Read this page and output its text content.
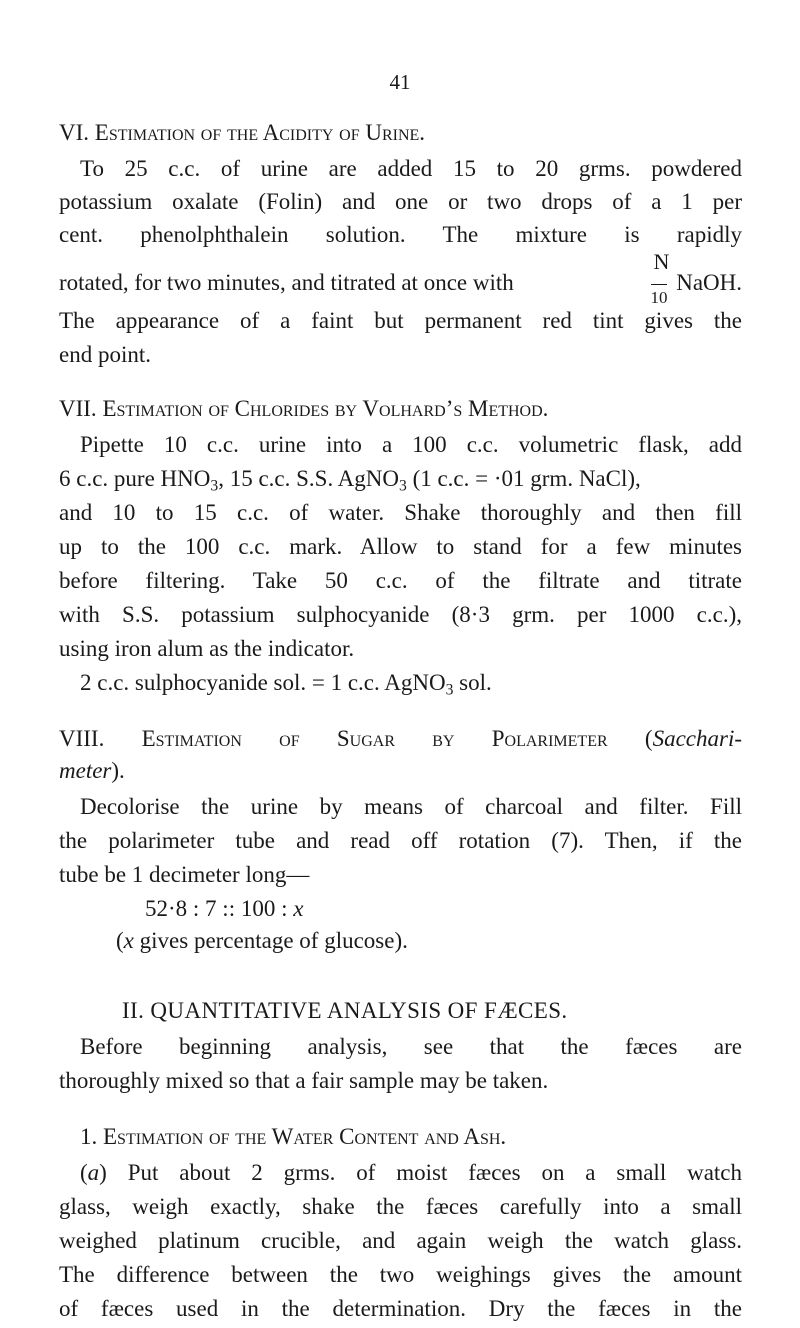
41
VI. Estimation of the Acidity of Urine.
To 25 c.c. of urine are added 15 to 20 grms. powdered
potassium oxalate (Folin) and one or two drops of a 1 per
cent. phenolphthalein solution. The mixture is rapidly
rotated, for two minutes, and titrated at once with	$\frac{N}{10}$ NaOH.
The appearance of a faint but permanent red tint gives the
end point.
VII. Estimation of Chlorides by Volhard’s Method.
Pipette 10 c.c. urine into a 100 c.c. volumetric flask, add
6 c.c. pure $HNO_3$, 15 c.c. S.S. AgNO$_3$ (1 c.c. = ·01 grm. NaCl),
and 10 to 15 c.c. of water. Shake thoroughly and then fill
up to the 100 c.c. mark. Allow to stand for a few minutes
before filtering. Take 50 c.c. of the filtrate and titrate
with S.S. potassium sulphocyanide (8·3 grm. per 1000 c.c.),
using iron alum as the indicator.
2 c.c. sulphocyanide sol. = 1 c.c. AgNO$_3$ sol.
VIII. Estimation of Sugar by Polarimeter (Sacchari-
meter).
Decolorise the urine by means of charcoal and filter. Fill
the polarimeter tube and read off rotation (7). Then, if the
tube be 1 decimeter long—
52·8 : 7 :: 100 : x
(x gives percentage of glucose).
II. QUANTITATIVE ANALYSIS OF FÆCES.
Before beginning analysis, see that the fæces are
thoroughly mixed so that a fair sample may be taken.
1. Estimation of the Water Content and Ash.
(a) Put about 2 grms. of moist fæces on a small watch
glass, weigh exactly, shake the fæces carefully into a small
weighed platinum crucible, and again weigh the watch glass.
The difference between the two weighings gives the amount
of fæces used in the determination. Dry the fæces in the
